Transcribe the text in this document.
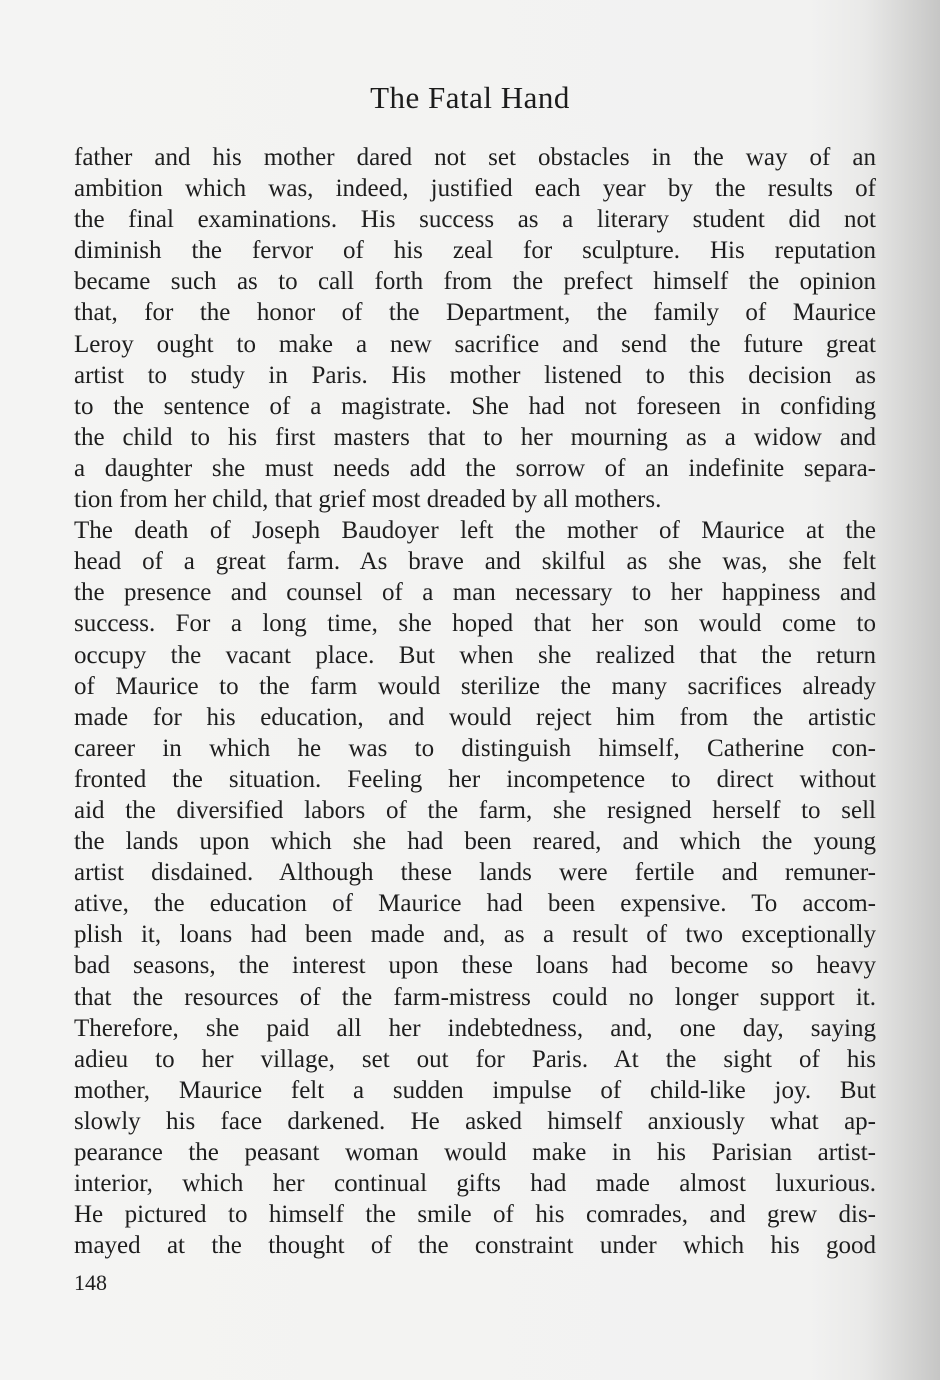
The Fatal Hand
father and his mother dared not set obstacles in the way of an
ambition which was, indeed, justified each year by the results of
the final examinations. His success as a literary student did not
diminish the fervor of his zeal for sculpture. His reputation
became such as to call forth from the prefect himself the opinion
that, for the honor of the Department, the family of Maurice
Leroy ought to make a new sacrifice and send the future great
artist to study in Paris. His mother listened to this decision as
to the sentence of a magistrate. She had not foreseen in confiding
the child to his first masters that to her mourning as a widow and
a daughter she must needs add the sorrow of an indefinite separa-
tion from her child, that grief most dreaded by all mothers.
The death of Joseph Baudoyer left the mother of Maurice at the
head of a great farm. As brave and skilful as she was, she felt
the presence and counsel of a man necessary to her happiness and
success. For a long time, she hoped that her son would come to
occupy the vacant place. But when she realized that the return
of Maurice to the farm would sterilize the many sacrifices already
made for his education, and would reject him from the artistic
career in which he was to distinguish himself, Catherine con-
fronted the situation. Feeling her incompetence to direct without
aid the diversified labors of the farm, she resigned herself to sell
the lands upon which she had been reared, and which the young
artist disdained. Although these lands were fertile and remuner-
ative, the education of Maurice had been expensive. To accom-
plish it, loans had been made and, as a result of two exceptionally
bad seasons, the interest upon these loans had become so heavy
that the resources of the farm-mistress could no longer support it.
Therefore, she paid all her indebtedness, and, one day, saying
adieu to her village, set out for Paris. At the sight of his
mother, Maurice felt a sudden impulse of child-like joy. But
slowly his face darkened. He asked himself anxiously what ap-
pearance the peasant woman would make in his Parisian artist-
interior, which her continual gifts had made almost luxurious.
He pictured to himself the smile of his comrades, and grew dis-
mayed at the thought of the constraint under which his good
148
